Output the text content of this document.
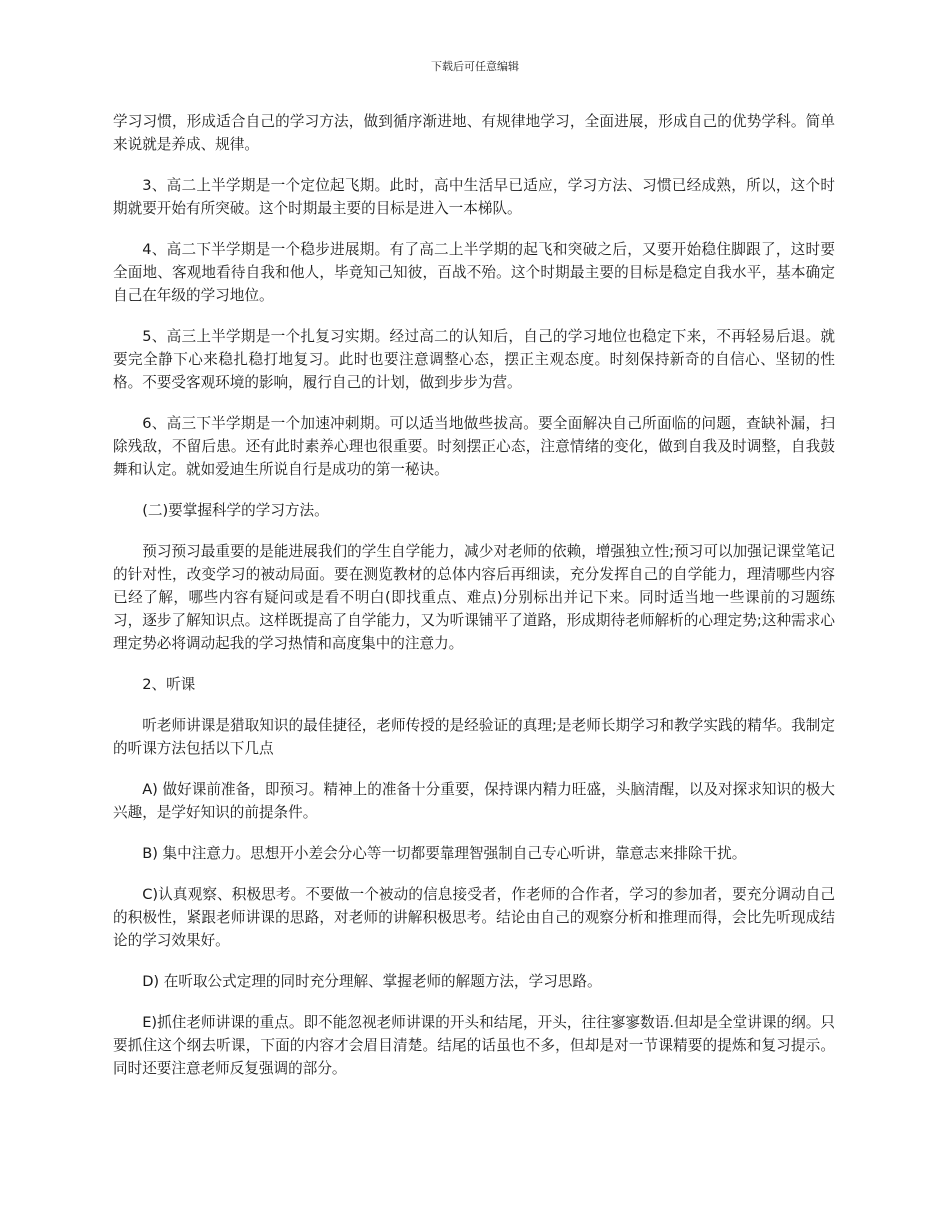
下载后可任意编辑

学习习惯，形成适合自己的学习方法，做到循序渐进地、有规律地学习，全面进展，形成自己的优势学科。简单来说就是养成、规律。

3、高二上半学期是一个定位起飞期。此时，高中生活早已适应，学习方法、习惯已经成熟，所以，这个时期就要开始有所突破。这个时期最主要的目标是进入一本梯队。

4、高二下半学期是一个稳步进展期。有了高二上半学期的起飞和突破之后，又要开始稳住脚跟了，这时要全面地、客观地看待自我和他人，毕竟知己知彼，百战不殆。这个时期最主要的目标是稳定自我水平，基本确定自己在年级的学习地位。

5、高三上半学期是一个扎复习实期。经过高二的认知后，自己的学习地位也稳定下来，不再轻易后退。就要完全静下心来稳扎稳打地复习。此时也要注意调整心态，摆正主观态度。时刻保持新奇的自信心、坚韧的性格。不要受客观环境的影响，履行自己的计划，做到步步为营。

6、高三下半学期是一个加速冲刺期。可以适当地做些拔高。要全面解决自己所面临的问题，查缺补漏，扫除残敌，不留后患。还有此时素养心理也很重要。时刻摆正心态，注意情绪的变化，做到自我及时调整，自我鼓舞和认定。就如爱迪生所说自行是成功的第一秘诀。

(二)要掌握科学的学习方法。

预习预习最重要的是能进展我们的学生自学能力，减少对老师的依赖，增强独立性;预习可以加强记课堂笔记的针对性，改变学习的被动局面。要在测览教材的总体内容后再细读，充分发挥自己的自学能力，理清哪些内容已经了解，哪些内容有疑问或是看不明白(即找重点、难点)分别标出并记下来。同时适当地一些课前的习题练习，逐步了解知识点。这样既提高了自学能力，又为听课铺平了道路，形成期待老师解析的心理定势;这种需求心理定势必将调动起我的学习热情和高度集中的注意力。

2、听课

听老师讲课是猎取知识的最佳捷径，老师传授的是经验证的真理;是老师长期学习和教学实践的精华。我制定的听课方法包括以下几点

A) 做好课前准备，即预习。精神上的准备十分重要，保持课内精力旺盛，头脑清醒，以及对探求知识的极大兴趣，是学好知识的前提条件。

B) 集中注意力。思想开小差会分心等一切都要靠理智强制自己专心听讲，靠意志来排除干扰。

C)认真观察、积极思考。不要做一个被动的信息接受者，作老师的合作者，学习的参加者，要充分调动自己的积极性，紧跟老师讲课的思路，对老师的讲解积极思考。结论由自己的观察分析和推理而得，会比先听现成结论的学习效果好。

D) 在听取公式定理的同时充分理解、掌握老师的解题方法，学习思路。

E)抓住老师讲课的重点。即不能忽视老师讲课的开头和结尾，开头，往往寥寥数语.但却是全堂讲课的纲。只要抓住这个纲去听课，下面的内容才会眉目清楚。结尾的话虽也不多，但却是对一节课精要的提炼和复习提示。同时还要注意老师反复强调的部分。
